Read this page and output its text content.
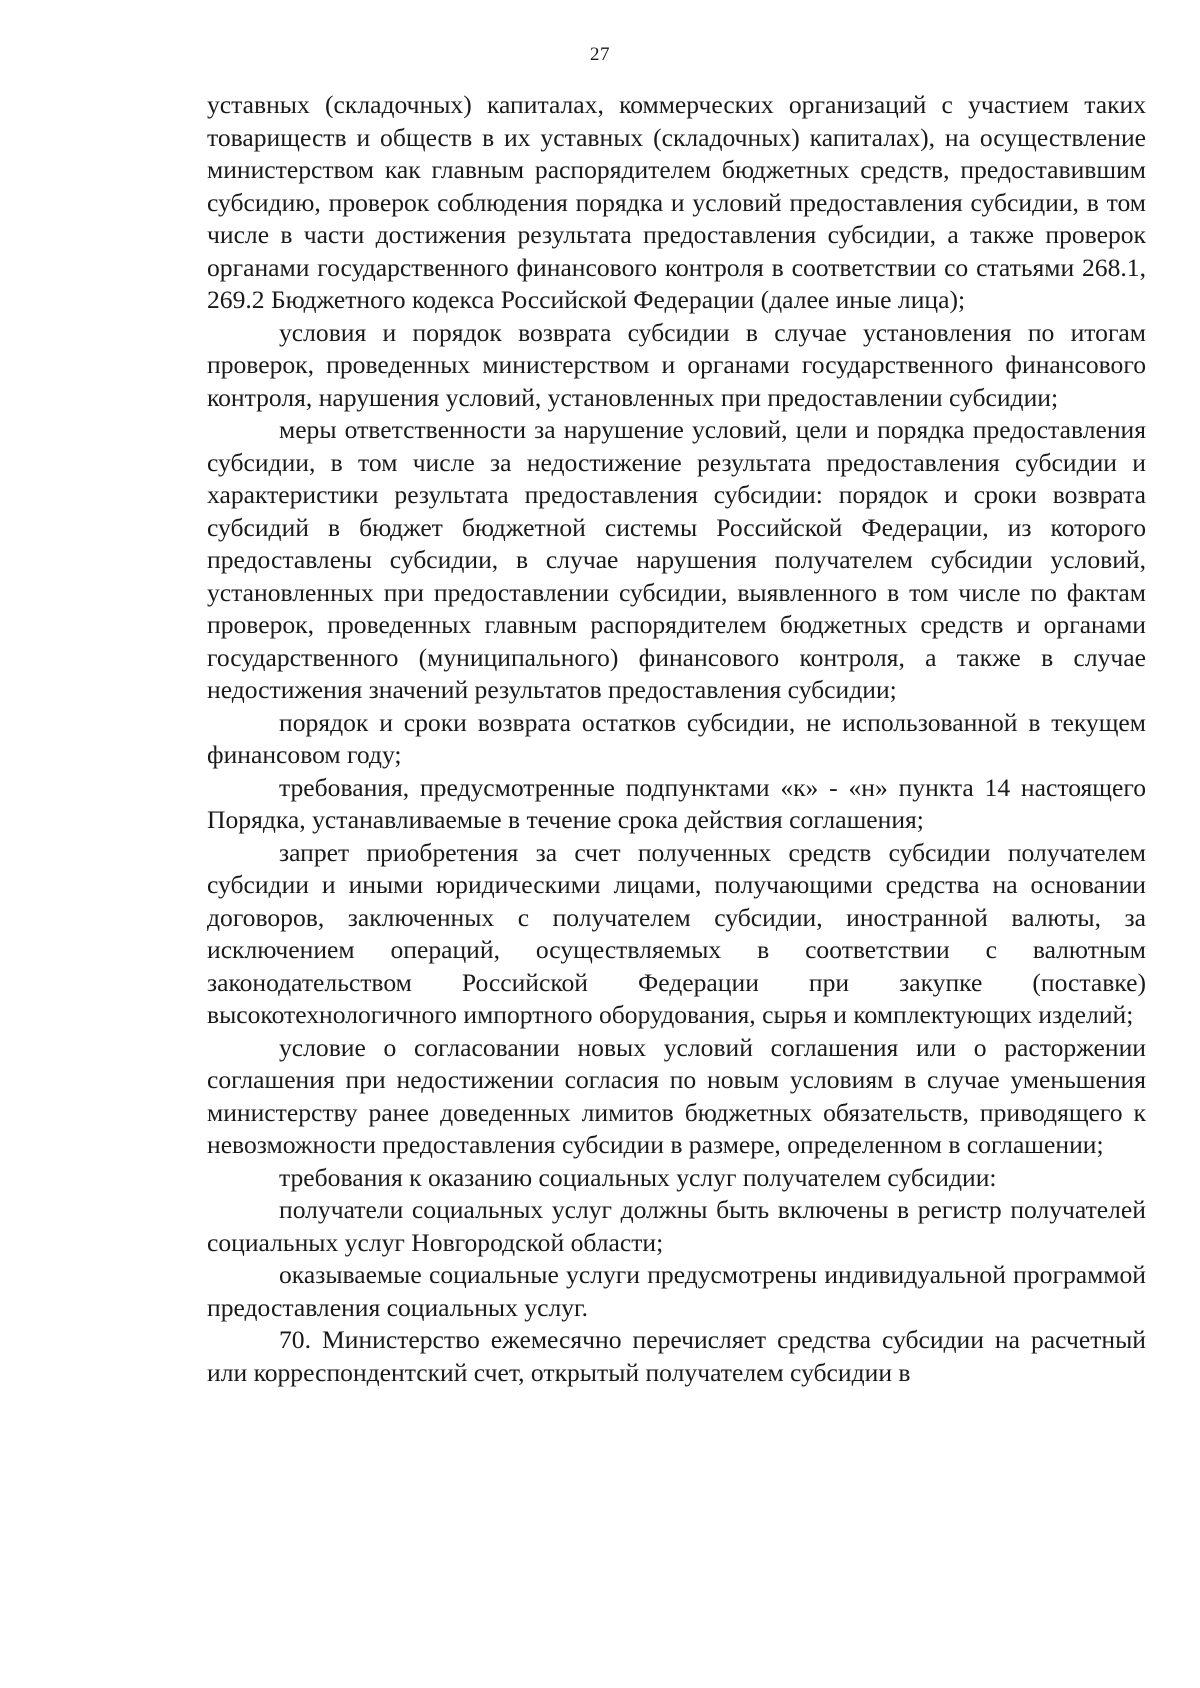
27

уставных (складочных) капиталах, коммерческих организаций с участием таких товариществ и обществ в их уставных (складочных) капиталах), на осуществление министерством как главным распорядителем бюджетных средств, предоставившим субсидию, проверок соблюдения порядка и условий предоставления субсидии, в том числе в части достижения результата предоставления субсидии, а также проверок органами государственного финансового контроля в соответствии со статьями 268.1, 269.2 Бюджетного кодекса Российской Федерации (далее иные лица);

условия и порядок возврата субсидии в случае установления по итогам проверок, проведенных министерством и органами государственного финансового контроля, нарушения условий, установленных при предоставлении субсидии;

меры ответственности за нарушение условий, цели и порядка предоставления субсидии, в том числе за недостижение результата предоставления субсидии и характеристики результата предоставления субсидии: порядок и сроки возврата субсидий в бюджет бюджетной системы Российской Федерации, из которого предоставлены субсидии, в случае нарушения получателем субсидии условий, установленных при предоставлении субсидии, выявленного в том числе по фактам проверок, проведенных главным распорядителем бюджетных средств и органами государственного (муниципального) финансового контроля, а также в случае недостижения значений результатов предоставления субсидии;

порядок и сроки возврата остатков субсидии, не использованной в текущем финансовом году;

требования, предусмотренные подпунктами «к» - «н» пункта 14 настоящего Порядка, устанавливаемые в течение срока действия соглашения;

запрет приобретения за счет полученных средств субсидии получателем субсидии и иными юридическими лицами, получающими средства на основании договоров, заключенных с получателем субсидии, иностранной валюты, за исключением операций, осуществляемых в соответствии с валютным законодательством Российской Федерации при закупке (поставке) высокотехнологичного импортного оборудования, сырья и комплектующих изделий;

условие о согласовании новых условий соглашения или о расторжении соглашения при недостижении согласия по новым условиям в случае уменьшения министерству ранее доведенных лимитов бюджетных обязательств, приводящего к невозможности предоставления субсидии в размере, определенном в соглашении;

требования к оказанию социальных услуг получателем субсидии:

получатели социальных услуг должны быть включены в регистр получателей социальных услуг Новгородской области;

оказываемые социальные услуги предусмотрены индивидуальной программой предоставления социальных услуг.

70. Министерство ежемесячно перечисляет средства субсидии на расчетный или корреспондентский счет, открытый получателем субсидии в
